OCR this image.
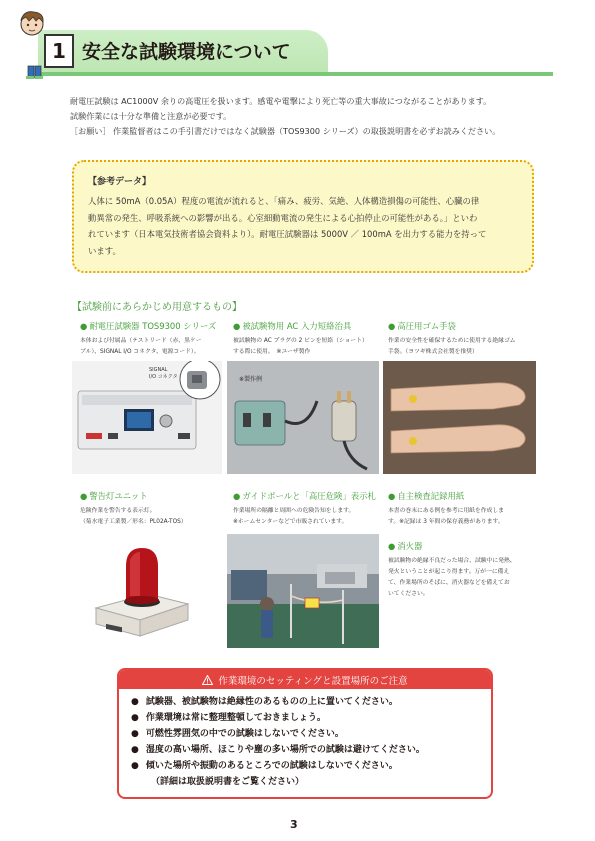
1 安全な試験環境について

耐電圧試験は AC1000V 余りの高電圧を扱います。感電や電撃により死亡等の重大事故につながることがあります。

試験作業には十分な準備と注意が必要です。

［お願い］ 作業監督者はこの手引書だけではなく試験器（TOS9300 シリーズ）の取扱説明書を必ずお読みください。

【参考データ】
人体に 50mA（0.05A）程度の電流が流れると、「痛み、疲労、気絶、人体構造損傷の可能性、心臓の律
動異常の発生、呼吸系統への影響が出る。心室細動電流の発生による心拍停止の可能性がある。」といわ
れています（日本電気技術者協会資料より）。耐電圧試験器は 5000V ／ 100mA を出力する能力を持って
います。
【試験前にあらかじめ用意するもの】
● 耐電圧試験器 TOS9300 シリーズ
本体および付属品（テストリード（赤、黒ケー
ブル）、SIGNAL I/O コネクタ、電源コード）。
SIGNAL
I/O コネクタ
● 被試験物用 AC 入力短絡治具
被試験物の AC プラグの 2 ピンを短絡（ショート）
する際に使用。　※ユーザ製作
※製作例
● 高圧用ゴム手袋
作業の安全性を確保するために使用する絶縁ゴム
手袋。（ヨツギ株式会社製を推奨）
● 警告灯ユニット
危険作業を警告する表示灯。
（菊水電子工業製／形名：PL02A-TOS）
● ガイドポールと「高圧危険」表示札
作業場所の隔離と周囲への危険告知をします。
※ホームセンターなどで市販されています。
● 自主検査記録用紙
本書の巻末にある例を参考に用紙を作成しま
す。※記録は 3 年間の保存義務があります。
● 消火器
被試験物の絶縁不良だった場合、試験中に発熱、
発火ということが起こり得ます。万が一に備え
て、作業場所のそばに、消火器などを備えてお
いてください。
作業環境のセッティングと設置場所のご注意
● 試験器、被試験物は絶縁性のあるものの上に置いてください。
● 作業環境は常に整理整頓しておきましょう。
● 可燃性雰囲気の中での試験はしないでください。
● 湿度の高い場所、ほこりや塵の多い場所での試験は避けてください。
● 傾いた場所や振動のあるところでの試験はしないでください。
（詳細は取扱説明書をご覧ください）
3
